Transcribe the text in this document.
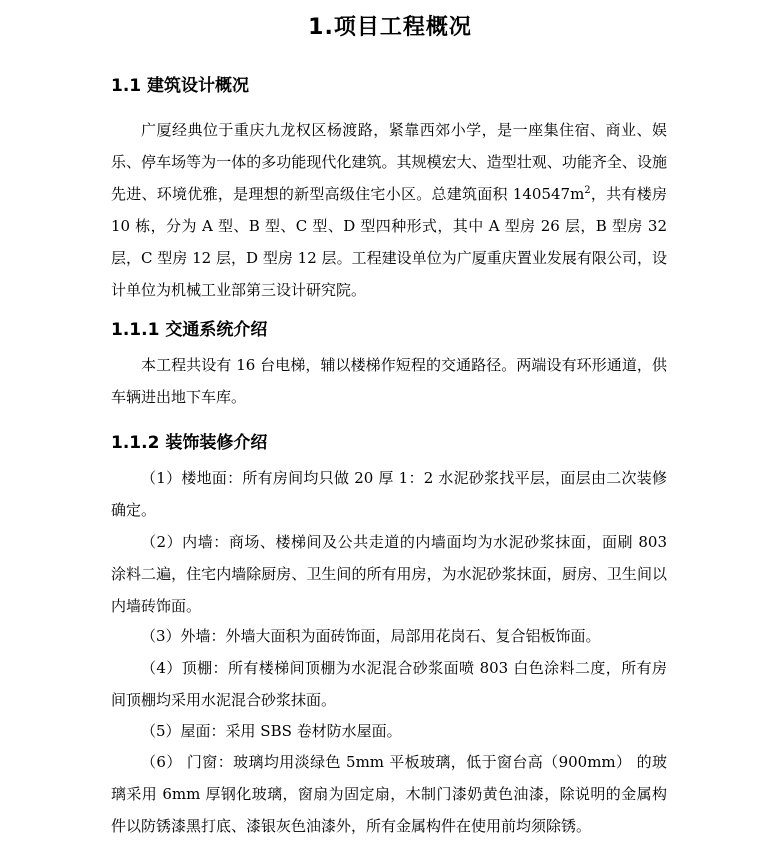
1.项目工程概况
1.1 建筑设计概况

广厦经典位于重庆九龙权区杨渡路，紧靠西郊小学，是一座集住宿、商业、娱乐、停车场等为一体的多功能现代化建筑。其规模宏大、造型壮观、功能齐全、设施先进、环境优雅，是理想的新型高级住宅小区。总建筑面积 $140547m^2$，共有楼房 10 栋，分为 A 型、B 型、C 型、D 型四种形式，其中 A 型房 26 层，B 型房 32 层，C 型房 12 层，D 型房 12 层。工程建设单位为广厦重庆置业发展有限公司，设计单位为机械工业部第三设计研究院。

1.1.1 交通系统介绍

本工程共设有 16 台电梯，辅以楼梯作短程的交通路径。两端设有环形通道，供车辆进出地下车库。

1.1.2 装饰装修介绍

（1）楼地面：所有房间均只做 20 厚 1：2 水泥砂浆找平层，面层由二次装修确定。

（2）内墙：商场、楼梯间及公共走道的内墙面均为水泥砂浆抹面，面刷 803 涂料二遍，住宅内墙除厨房、卫生间的所有用房，为水泥砂浆抹面，厨房、卫生间以内墙砖饰面。

（3）外墙：外墙大面积为面砖饰面，局部用花岗石、复合铝板饰面。

（4）顶棚：所有楼梯间顶棚为水泥混合砂浆面喷 803 白色涂料二度，所有房间顶棚均采用水泥混合砂浆抹面。

（5）屋面：采用 SBS 卷材防水屋面。

（6） 门窗：玻璃均用淡绿色 5mm 平板玻璃，低于窗台高（900mm） 的玻璃采用 6mm 厚钢化玻璃，窗扇为固定扇，木制门漆奶黄色油漆，除说明的金属构件以防锈漆黑打底、漆银灰色油漆外，所有金属构件在使用前均须除锈。
